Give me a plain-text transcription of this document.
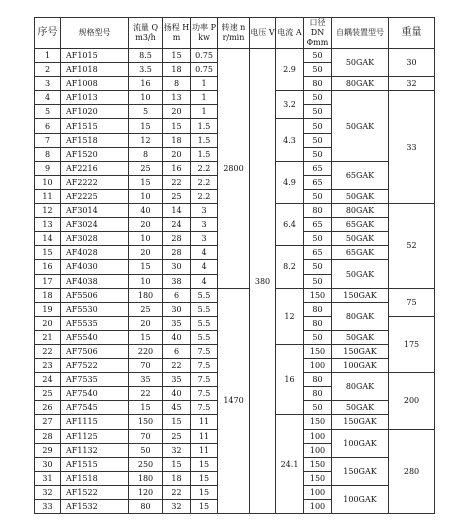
序号	规格型号	流量 Q m3/h	扬程 H m	功率 P kw	转速 n r/min	电压 V	电流 A	口径 DN Φmm	自耦装置型号	重量
1	AF1015	8.5	15	0.75	2800	380	2.9	50	50GAK	30
2	AF1018	3.5	18	0.75				50		
3	AF1008	16	8	1				80	80GAK	32
4	AF1013	10	13	1			3.2	50	50GAK	33
5	AF1020	5	20	1				50		
6	AF1515	15	15	1.5			4.3	50		
7	AF1518	12	18	1.5				50		
8	AF1520	8	20	1.5				50		
9	AF2216	25	16	2.2			4.9	65	65GAK	
10	AF2222	15	22	2.2				65		
11	AF2225	10	25	2.2				50	50GAK	
12	AF3014	40	14	3			6.4	80	80GAK	52
13	AF3024	20	24	3				65	65GAK	
14	AF3028	10	28	3				50	50GAK	
15	AF4028	20	28	4			8.2	65	65GAK	
16	AF4030	15	30	4				50	50GAK	
17	AF4038	10	38	4				50		
18	AF5506	180	6	5.5	1470		12	150	150GAK	75
19	AF5530	25	30	5.5				80	80GAK	
20	AF5535	20	35	5.5				80		175
21	AF5540	15	40	5.5				50	50GAK	
22	AF7506	220	6	7.5			16	150	150GAK	
23	AF7522	70	22	7.5				100	100GAK	
24	AF7535	35	35	7.5				80	80GAK	200
25	AF7540	22	40	7.5				80		
26	AF7545	15	45	7.5				50	50GAK	
27	AF1115	150	15	11			24.1	150	150GAK	
28	AF1125	70	25	11				100	100GAK	280
29	AF1132	50	32	11				100		
30	AF1515	250	15	15				150	150GAK	
31	AF1518	180	18	15				150		
32	AF1522	120	22	15				100	100GAK	
33	AF1532	80	32	15				100		
